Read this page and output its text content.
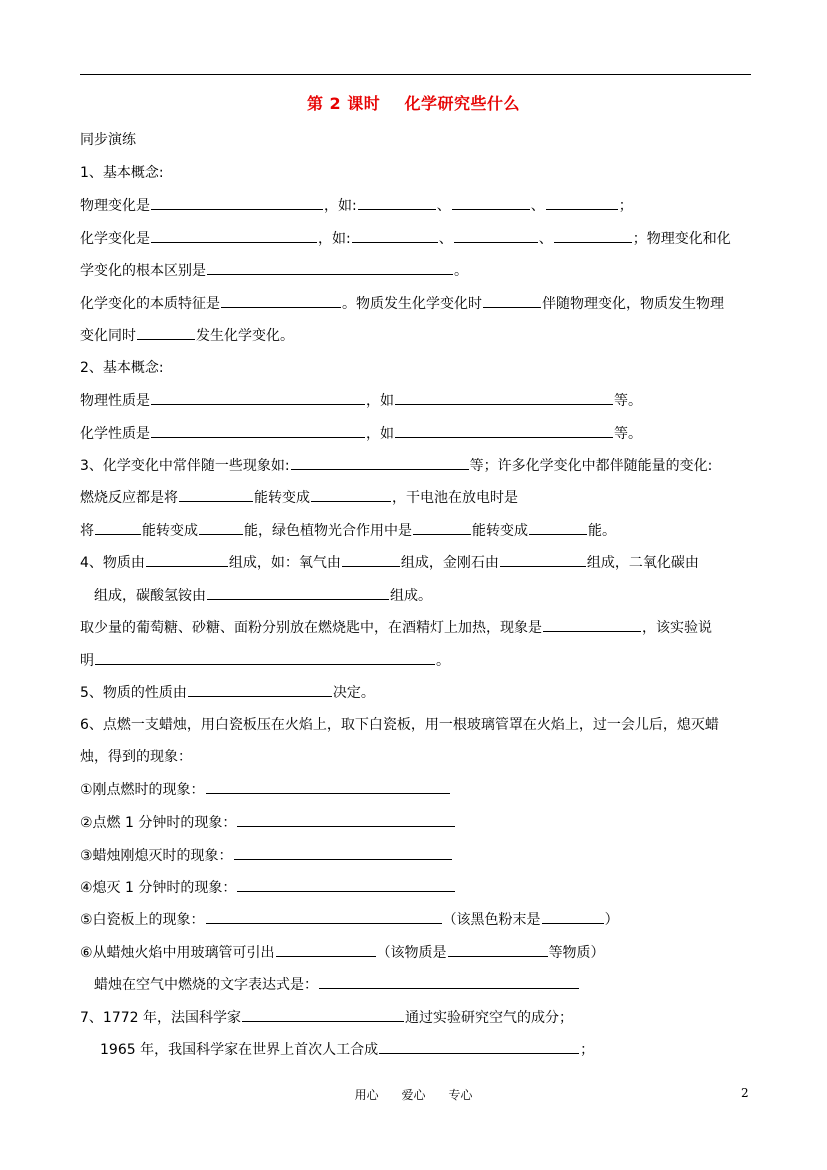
第 2 课时    化学研究些什么
同步演练
1、基本概念:
物理变化是	，如:	、	、	；
化学变化是	，如:	、	、	；物理变化和化
学变化的根本区别是	。
化学变化的本质特征是	。物质发生化学变化时	伴随物理变化，物质发生物理
变化同时	发生化学变化。
2、基本概念:
物理性质是	，如	等。
化学性质是	，如	等。
3、化学变化中常伴随一些现象如:	等；许多化学变化中都伴随能量的变化:
燃烧反应都是将	能转变成	，干电池在放电时是
将	能转变成	能，绿色植物光合作用中是	能转变成	能。
4、物质由	组成，如：氧气由	组成，金刚石由	组成，二氧化碳由
组成，碳酸氢铵由	组成。
取少量的葡萄糖、砂糖、面粉分别放在燃烧匙中，在酒精灯上加热，现象是	，该实验说
明	。
5、物质的性质由	决定。
6、点燃一支蜡烛，用白瓷板压在火焰上，取下白瓷板，用一根玻璃管罩在火焰上，过一会儿后，熄灭蜡
烛，得到的现象：
①刚点燃时的现象：
②点燃 1 分钟时的现象：
③蜡烛刚熄灭时的现象：
④熄灭 1 分钟时的现象：
⑤白瓷板上的现象：	（该黑色粉末是	）
⑥从蜡烛火焰中用玻璃管可引出	（该物质是	等物质）
蜡烛在空气中燃烧的文字表达式是：
7、1772 年，法国科学家	通过实验研究空气的成分；
1965 年，我国科学家在世界上首次人工合成	；
用心      爱心      专心	2
